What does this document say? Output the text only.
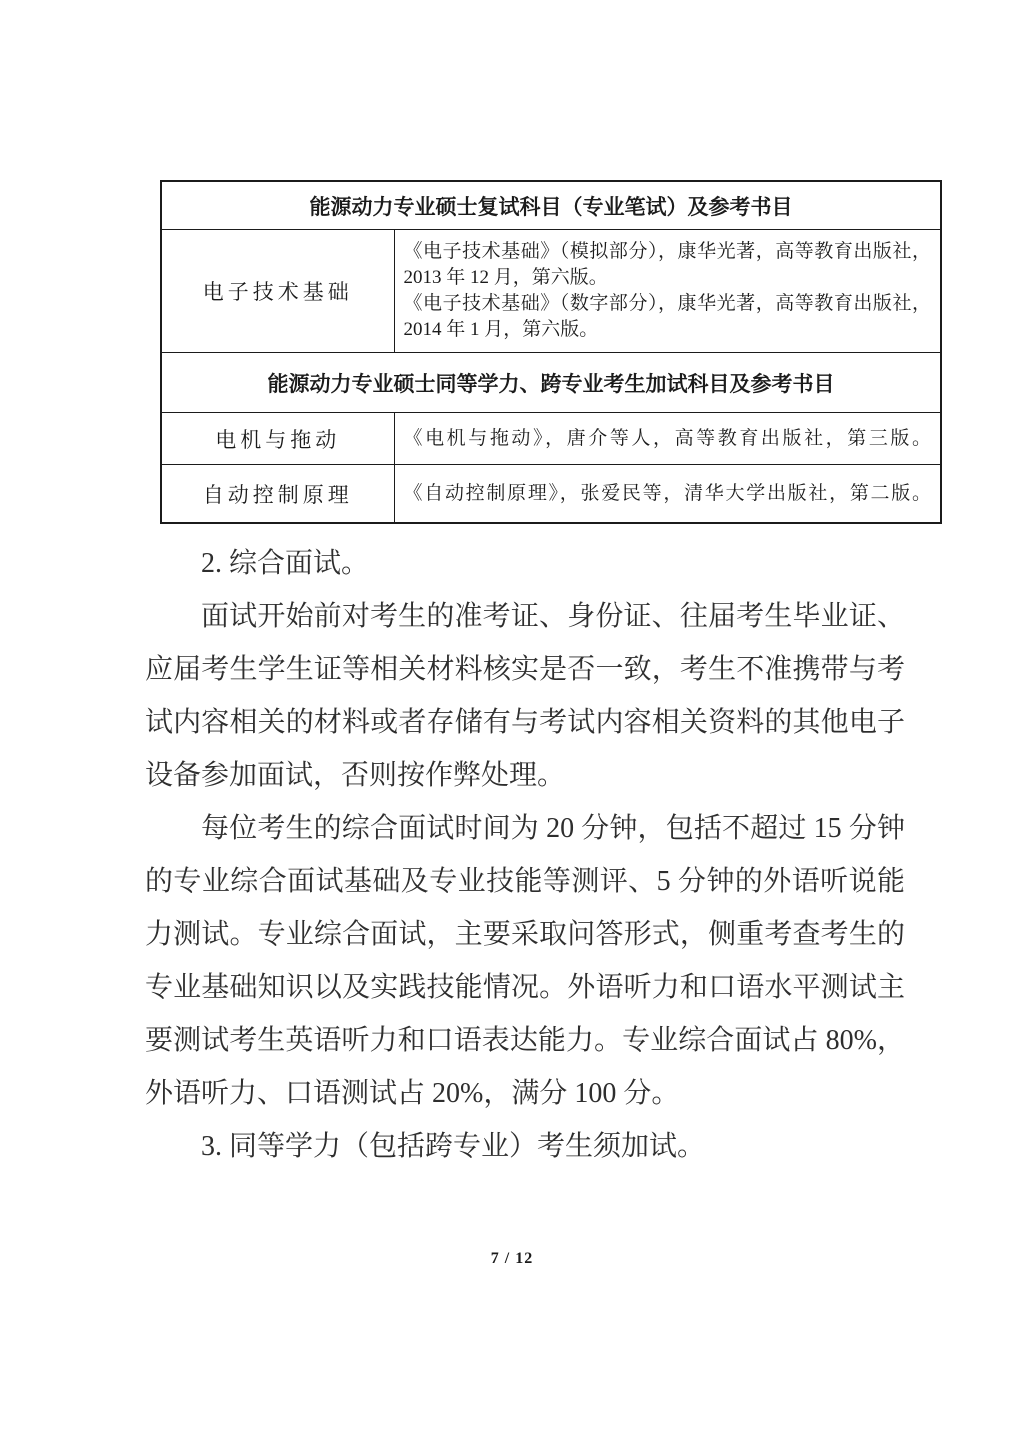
能源动力专业硕士复试科目（专业笔试）及参考书目	
电子技术基础	《电子技术基础》（模拟部分），康华光著，高等教育出版社，2013 年 12 月，第六版。
《电子技术基础》（数字部分），康华光著，高等教育出版社，2014 年 1 月，第六版。

能源动力专业硕士同等学力、跨专业考生加试科目及参考书目	
电机与拖动	《电机与拖动》，唐介等人，高等教育出版社，第三版。

自动控制原理	《自动控制原理》，张爱民等，清华大学出版社，第二版。
2. 综合面试。
面试开始前对考生的准考证、身份证、往届考生毕业证、
应届考生学生证等相关材料核实是否一致，考生不准携带与考
试内容相关的材料或者存储有与考试内容相关资料的其他电子
设备参加面试，否则按作弊处理。
每位考生的综合面试时间为 20 分钟，包括不超过 15 分钟
的专业综合面试基础及专业技能等测评、5 分钟的外语听说能
力测试。专业综合面试，主要采取问答形式，侧重考查考生的
专业基础知识以及实践技能情况。外语听力和口语水平测试主
要测试考生英语听力和口语表达能力。专业综合面试占 80%，
外语听力、口语测试占 20%，满分 100 分。
3. 同等学力（包括跨专业）考生须加试。
7 / 12
